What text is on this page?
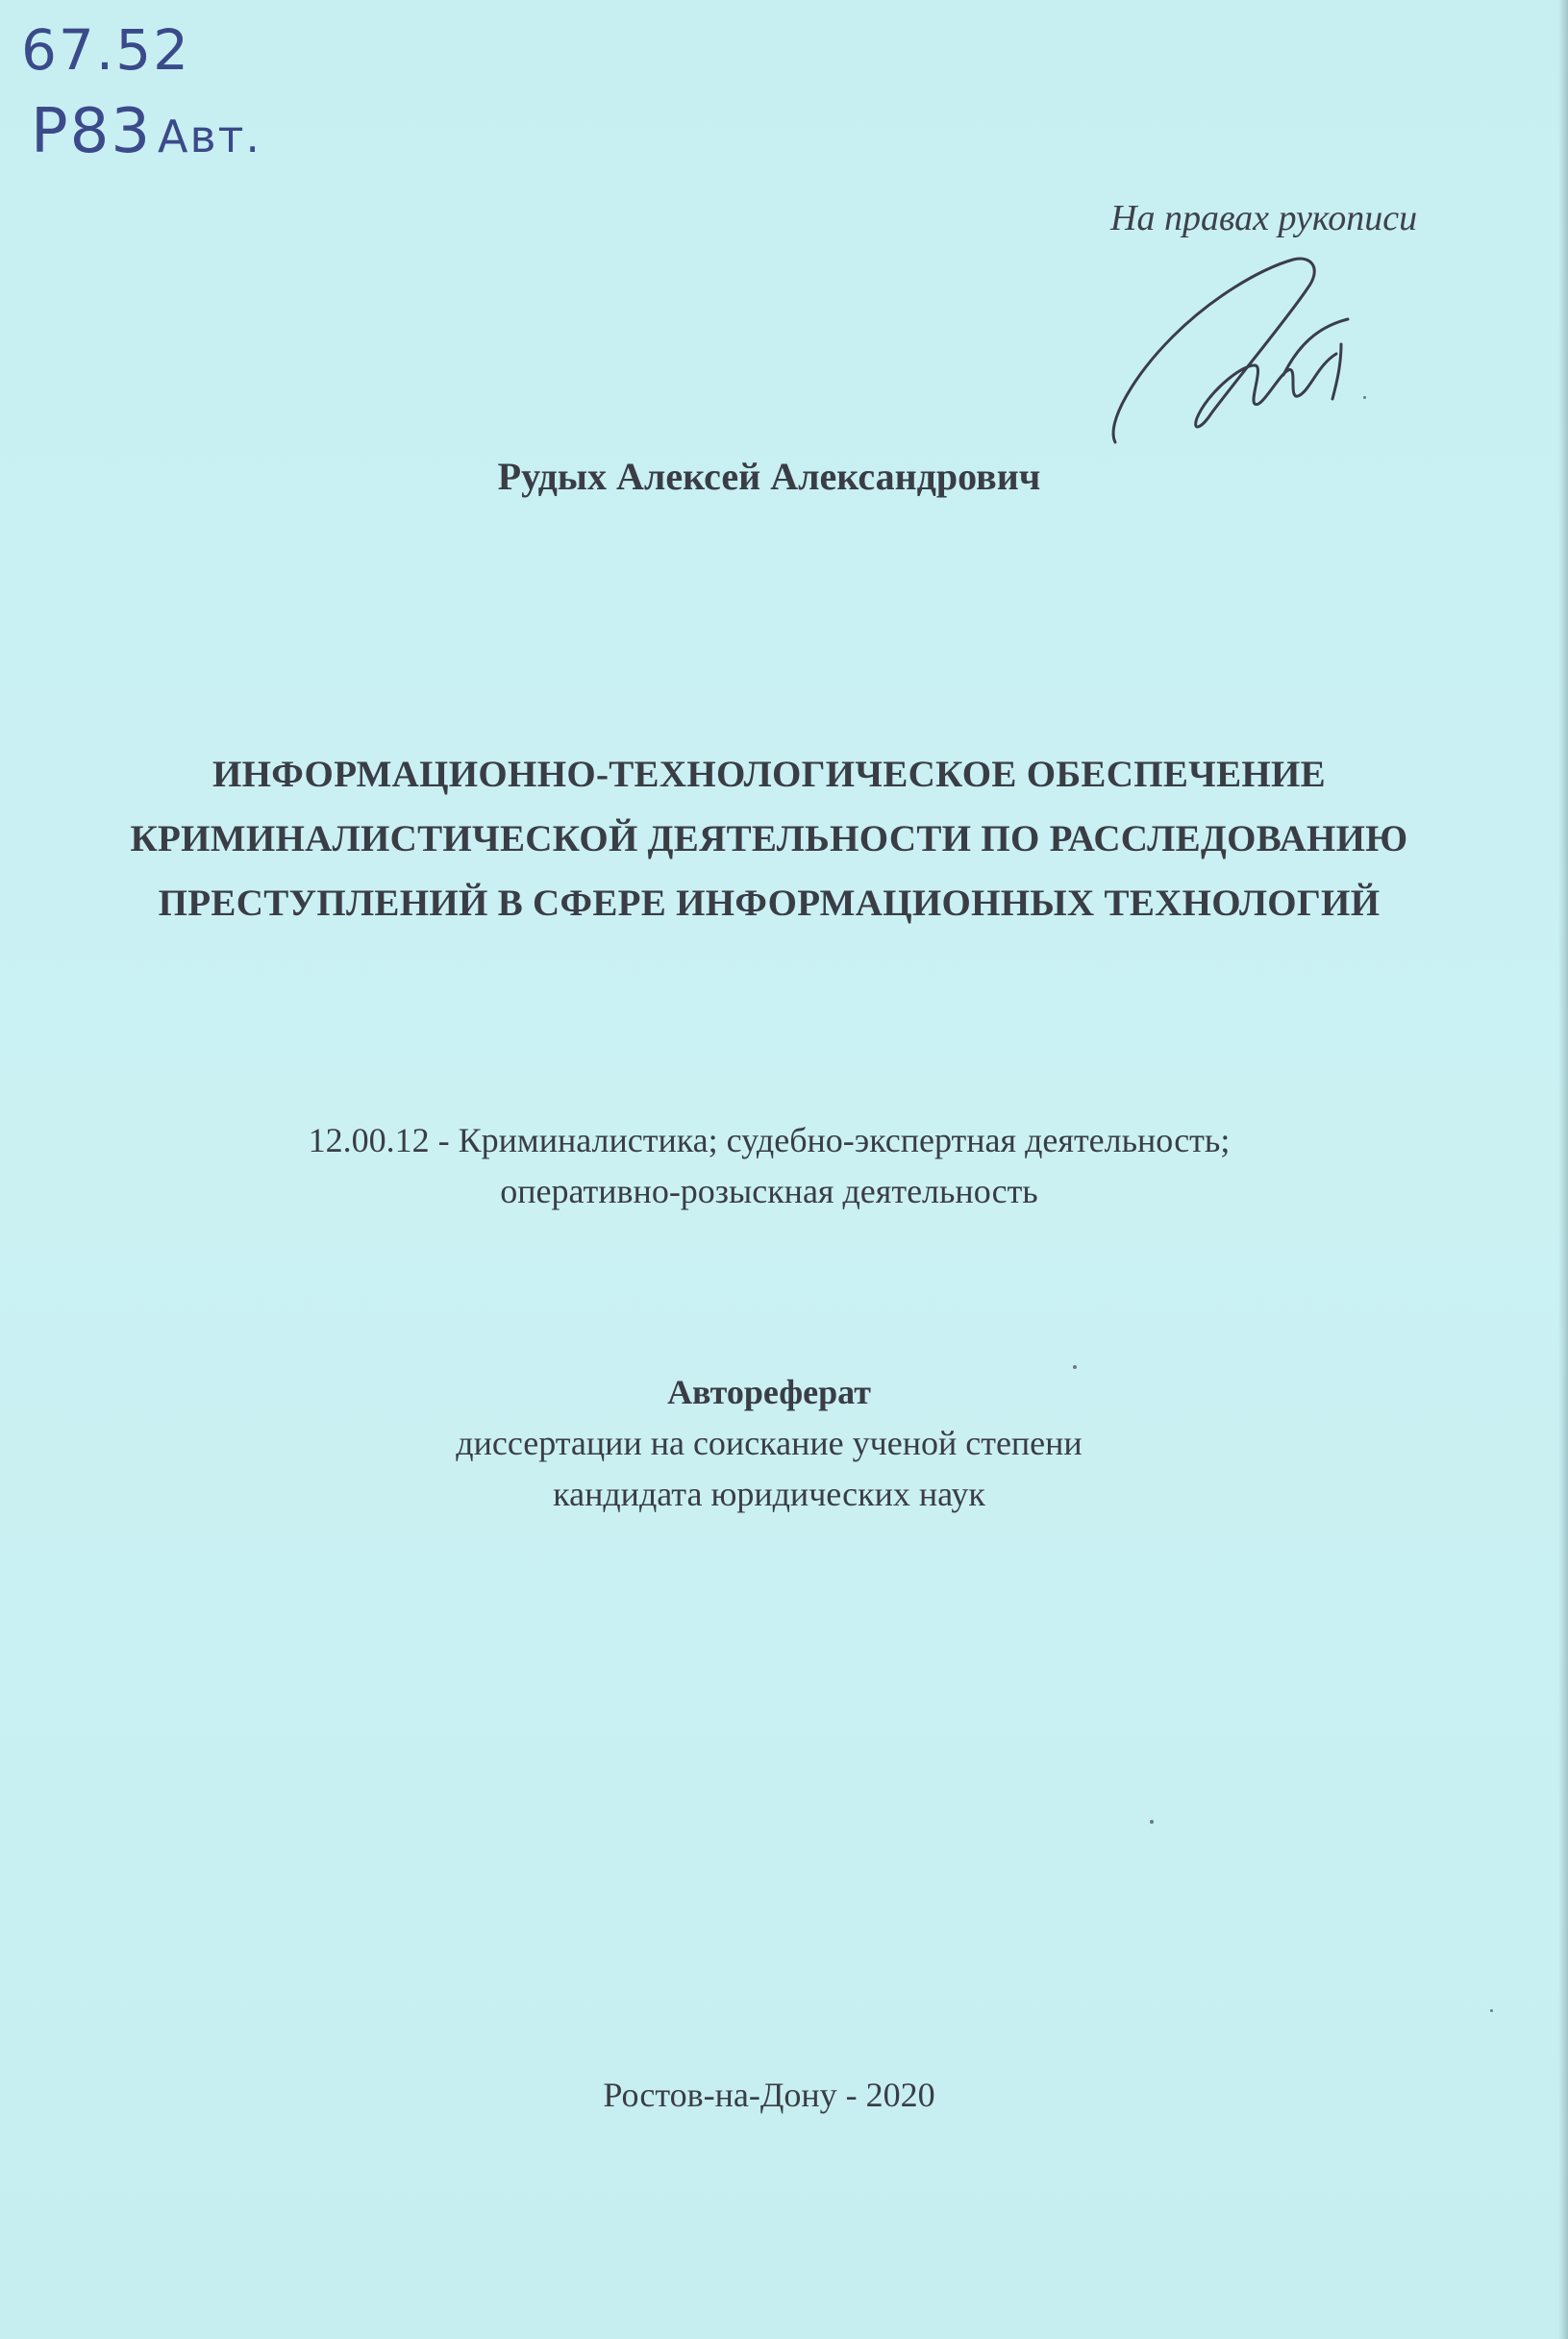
67.52
Р83 Авт.
На правах рукописи
Рудых Алексей Александрович
ИНФОРМАЦИОННО-ТЕХНОЛОГИЧЕСКОЕ ОБЕСПЕЧЕНИЕ
КРИМИНАЛИСТИЧЕСКОЙ ДЕЯТЕЛЬНОСТИ ПО РАССЛЕДОВАНИЮ
ПРЕСТУПЛЕНИЙ В СФЕРЕ ИНФОРМАЦИОННЫХ ТЕХНОЛОГИЙ
12.00.12 - Криминалистика; судебно-экспертная деятельность;
оперативно-розыскная деятельность
Автореферат
диссертации на соискание ученой степени
кандидата юридических наук
Ростов-на-Дону - 2020
